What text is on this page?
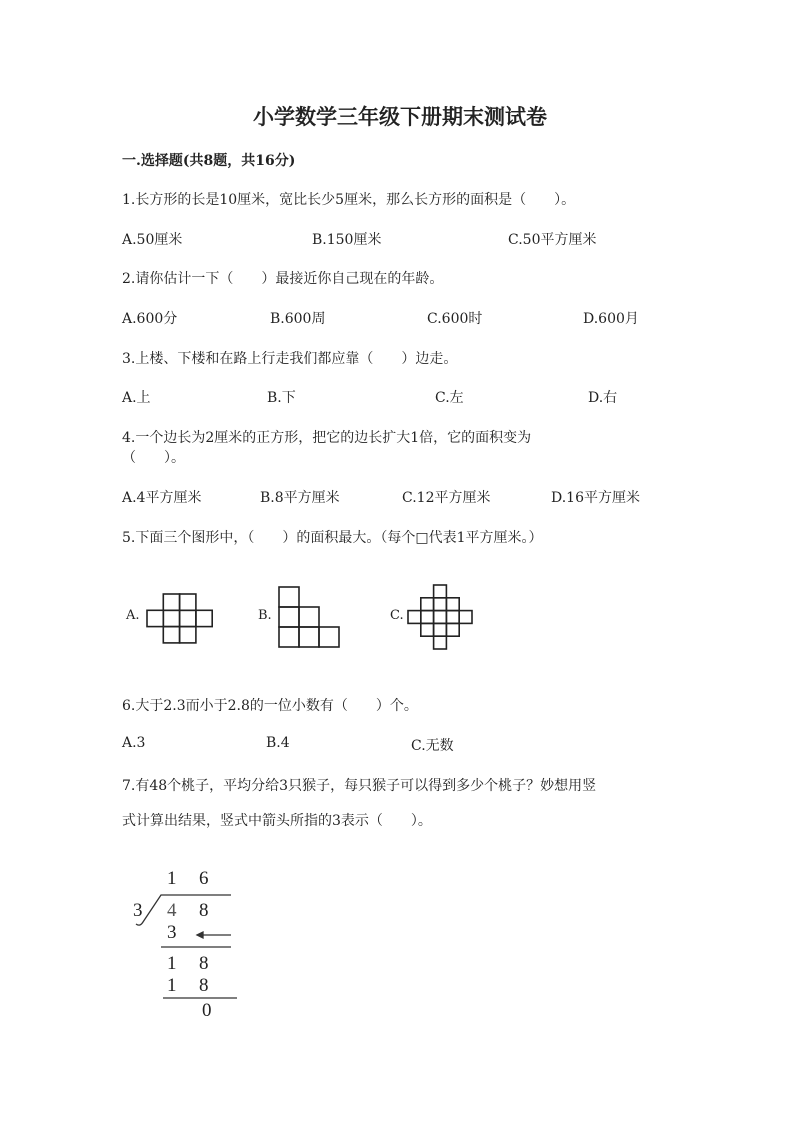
小学数学三年级下册期末测试卷
一.选择题(共8题，共16分)
1.长方形的长是10厘米，宽比长少5厘米，那么长方形的面积是（　　）。
A.50厘米	B.150厘米	C.50平方厘米
2.请你估计一下（　　）最接近你自己现在的年龄。
A.600分	B.600周	C.600时	D.600月
3.上楼、下楼和在路上行走我们都应靠（　　）边走。
A.上	B.下	C.左	D.右
4.一个边长为2厘米的正方形，把它的边长扩大1倍，它的面积变为
（　　）。
A.4平方厘米	B.8平方厘米	C.12平方厘米	D.16平方厘米
5.下面三个图形中，（　　）的面积最大。（每个□代表1平方厘米。）
A.	B.	C.
6.大于2.3而小于2.8的一位小数有（　　）个。
A.3	B.4	C.无数
7.有48个桃子，平均分给3只猴子，每只猴子可以得到多少个桃子？妙想用竖
式计算出结果，竖式中箭头所指的3表示（　　）。
1 6
3 4 8
3
1 8
1 8
0
